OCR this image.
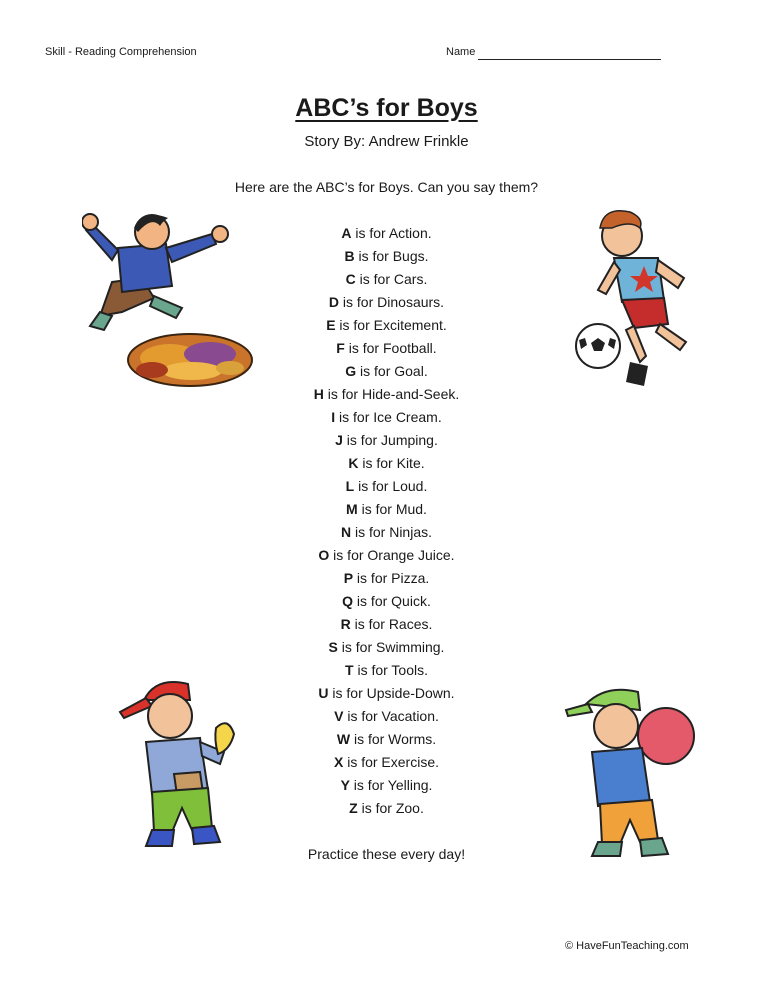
Skill - Reading Comprehension	Name
ABC’s for Boys
Story By: Andrew Frinkle
Here are the ABC’s for Boys. Can you say them?
A is for Action.
B is for Bugs.
C is for Cars.
D is for Dinosaurs.
E is for Excitement.
F is for Football.
G is for Goal.
H is for Hide-and-Seek.
I is for Ice Cream.
J is for Jumping.
K is for Kite.
L is for Loud.
M is for Mud.
N is for Ninjas.
O is for Orange Juice.
P is for Pizza.
Q is for Quick.
R is for Races.
S is for Swimming.
T is for Tools.
U is for Upside-Down.
V is for Vacation.
W is for Worms.
X is for Exercise.
Y is for Yelling.
Z is for Zoo.
Practice these every day!
© HaveFunTeaching.com
